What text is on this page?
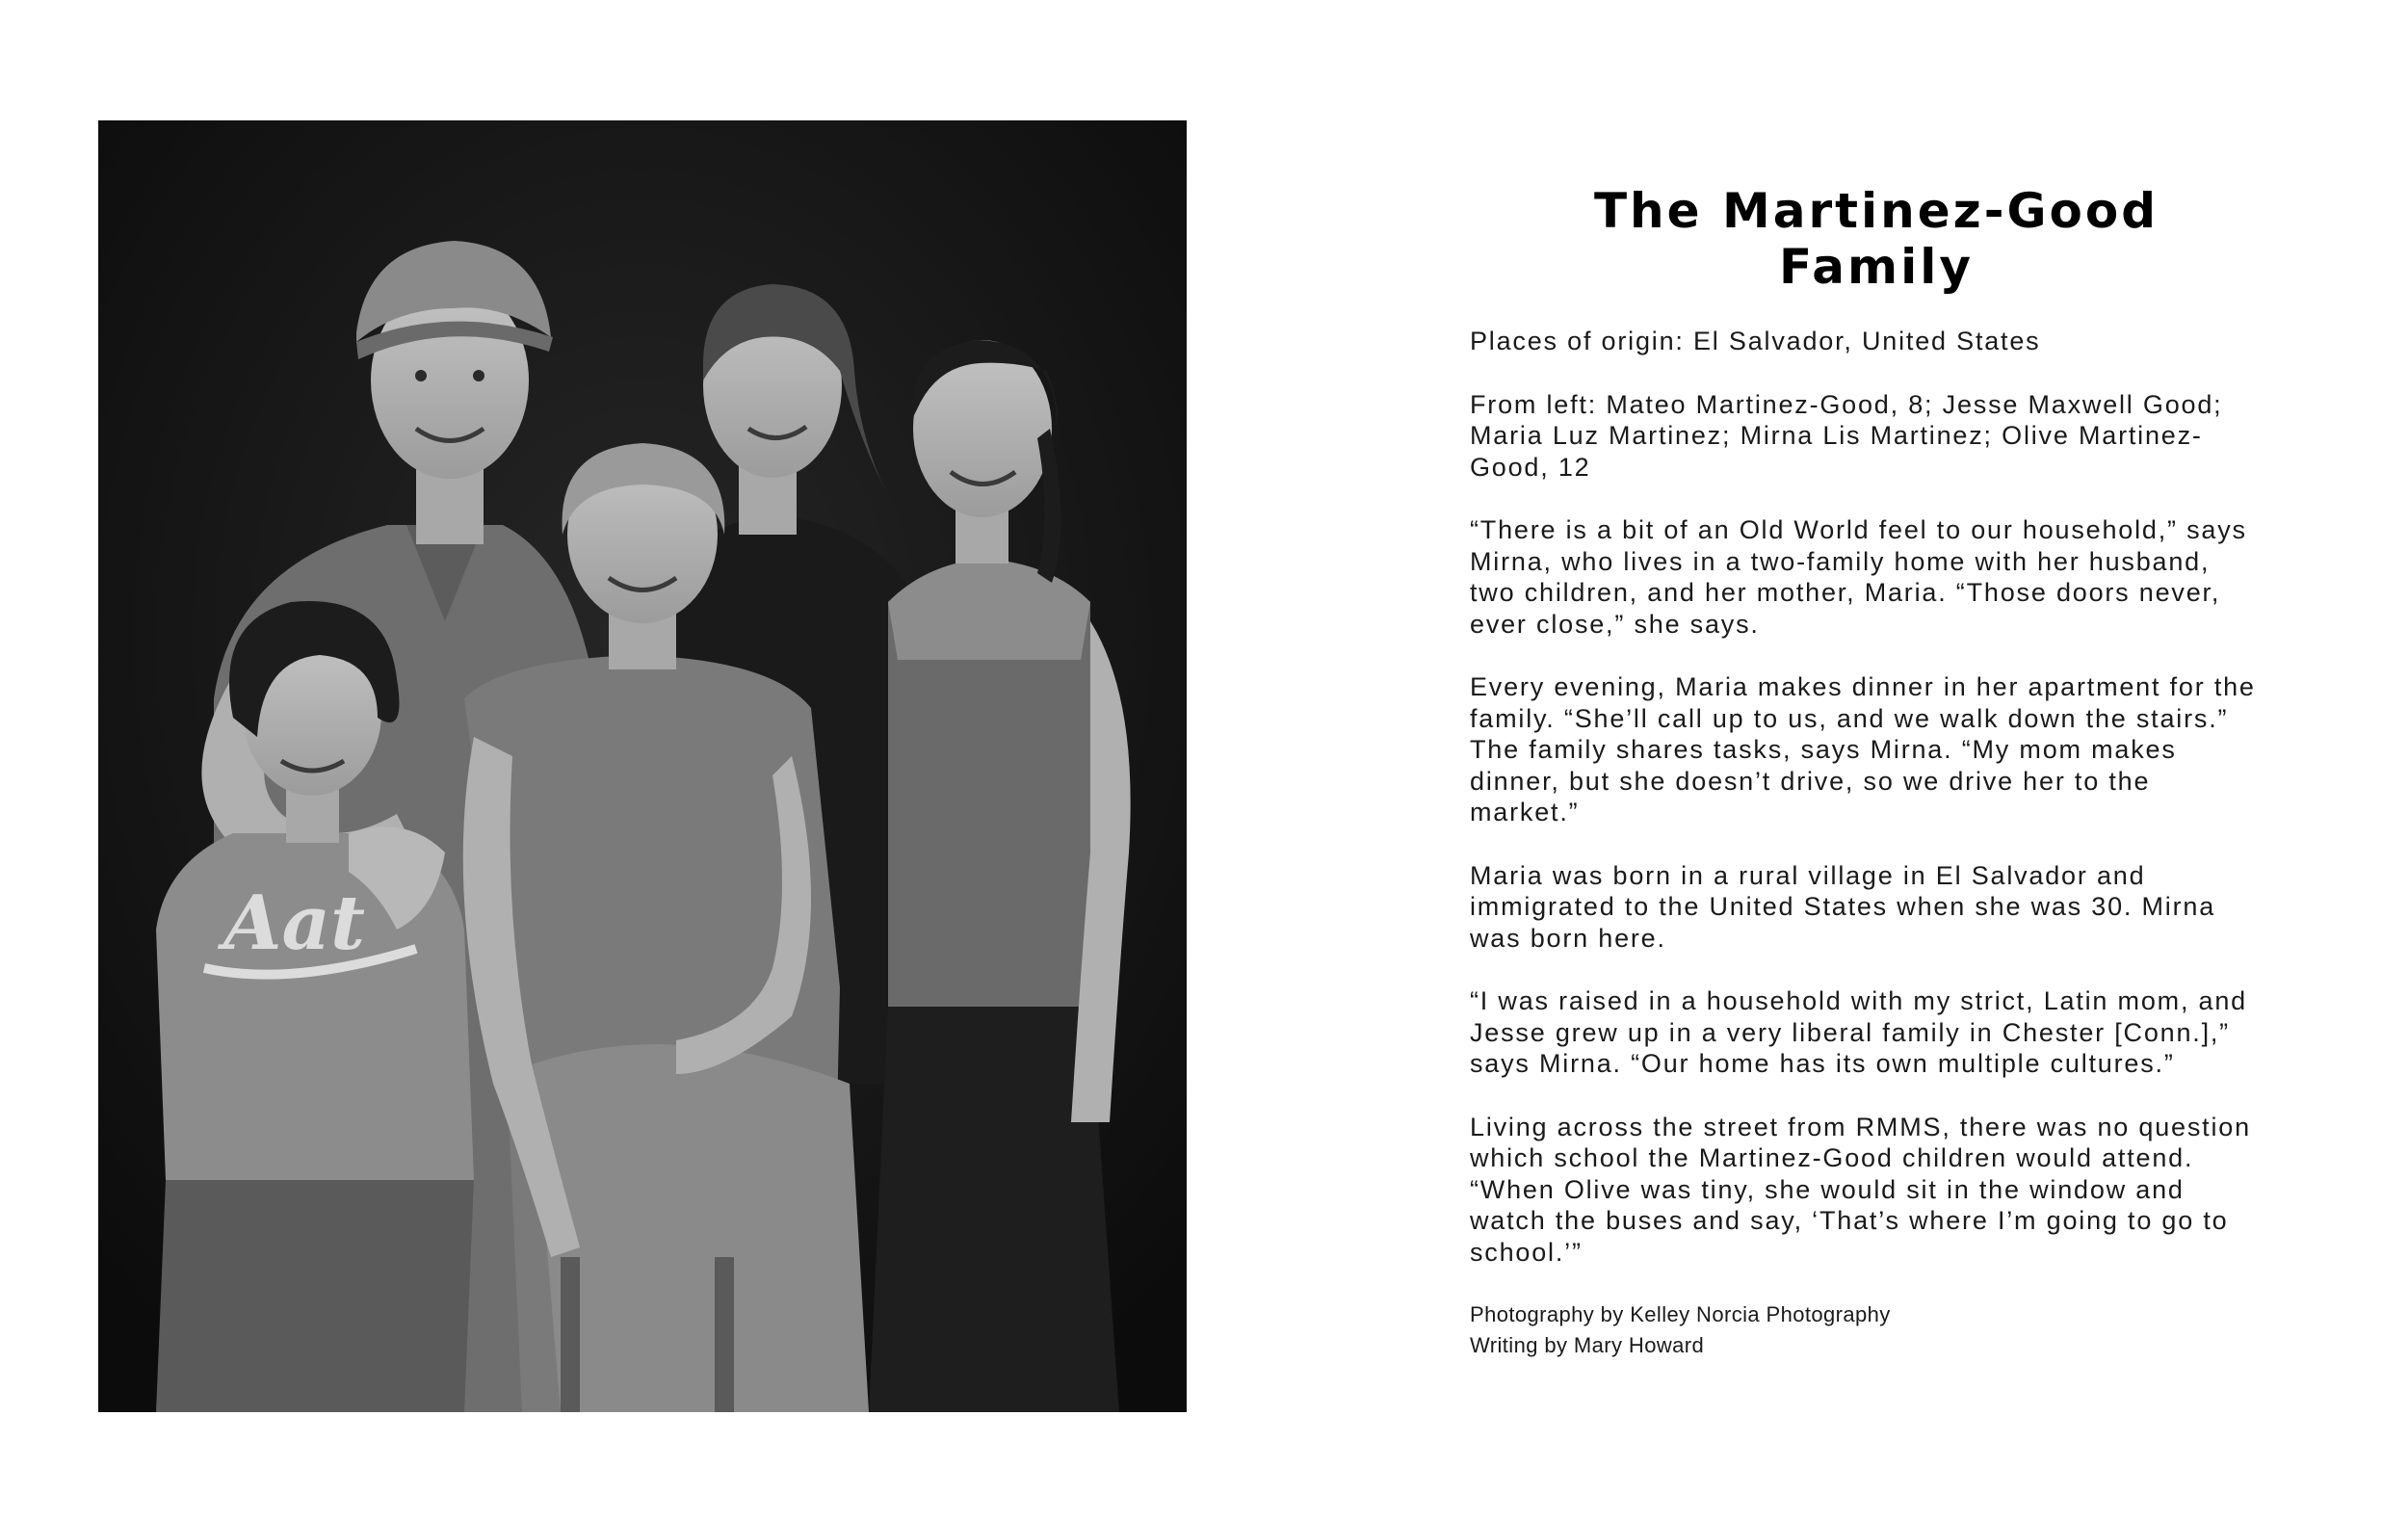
Aat
The Martinez-Good Family

Places of origin: El Salvador, United States

From left: Mateo Martinez-Good, 8; Jesse Maxwell Good; Maria Luz Martinez; Mirna Lis Martinez; Olive Martinez-Good, 12

“There is a bit of an Old World feel to our household,” says Mirna, who lives in a two-family home with her husband, two children, and her mother, Maria. “Those doors never, ever close,” she says.

Every evening, Maria makes dinner in her apartment for the family. “She’ll call up to us, and we walk down the stairs.” The family shares tasks, says Mirna. “My mom makes dinner, but she doesn’t drive, so we drive her to the market.”

Maria was born in a rural village in El Salvador and immigrated to the United States when she was 30. Mirna was born here.

“I was raised in a household with my strict, Latin mom, and Jesse grew up in a very liberal family in Chester [Conn.],” says Mirna. “Our home has its own multiple cultures.”

Living across the street from RMMS, there was no question which school the Martinez-Good children would attend. “When Olive was tiny, she would sit in the window and watch the buses and say, ‘That’s where I’m going to go to school.’”

Photography by Kelley Norcia Photography
Writing by Mary Howard
